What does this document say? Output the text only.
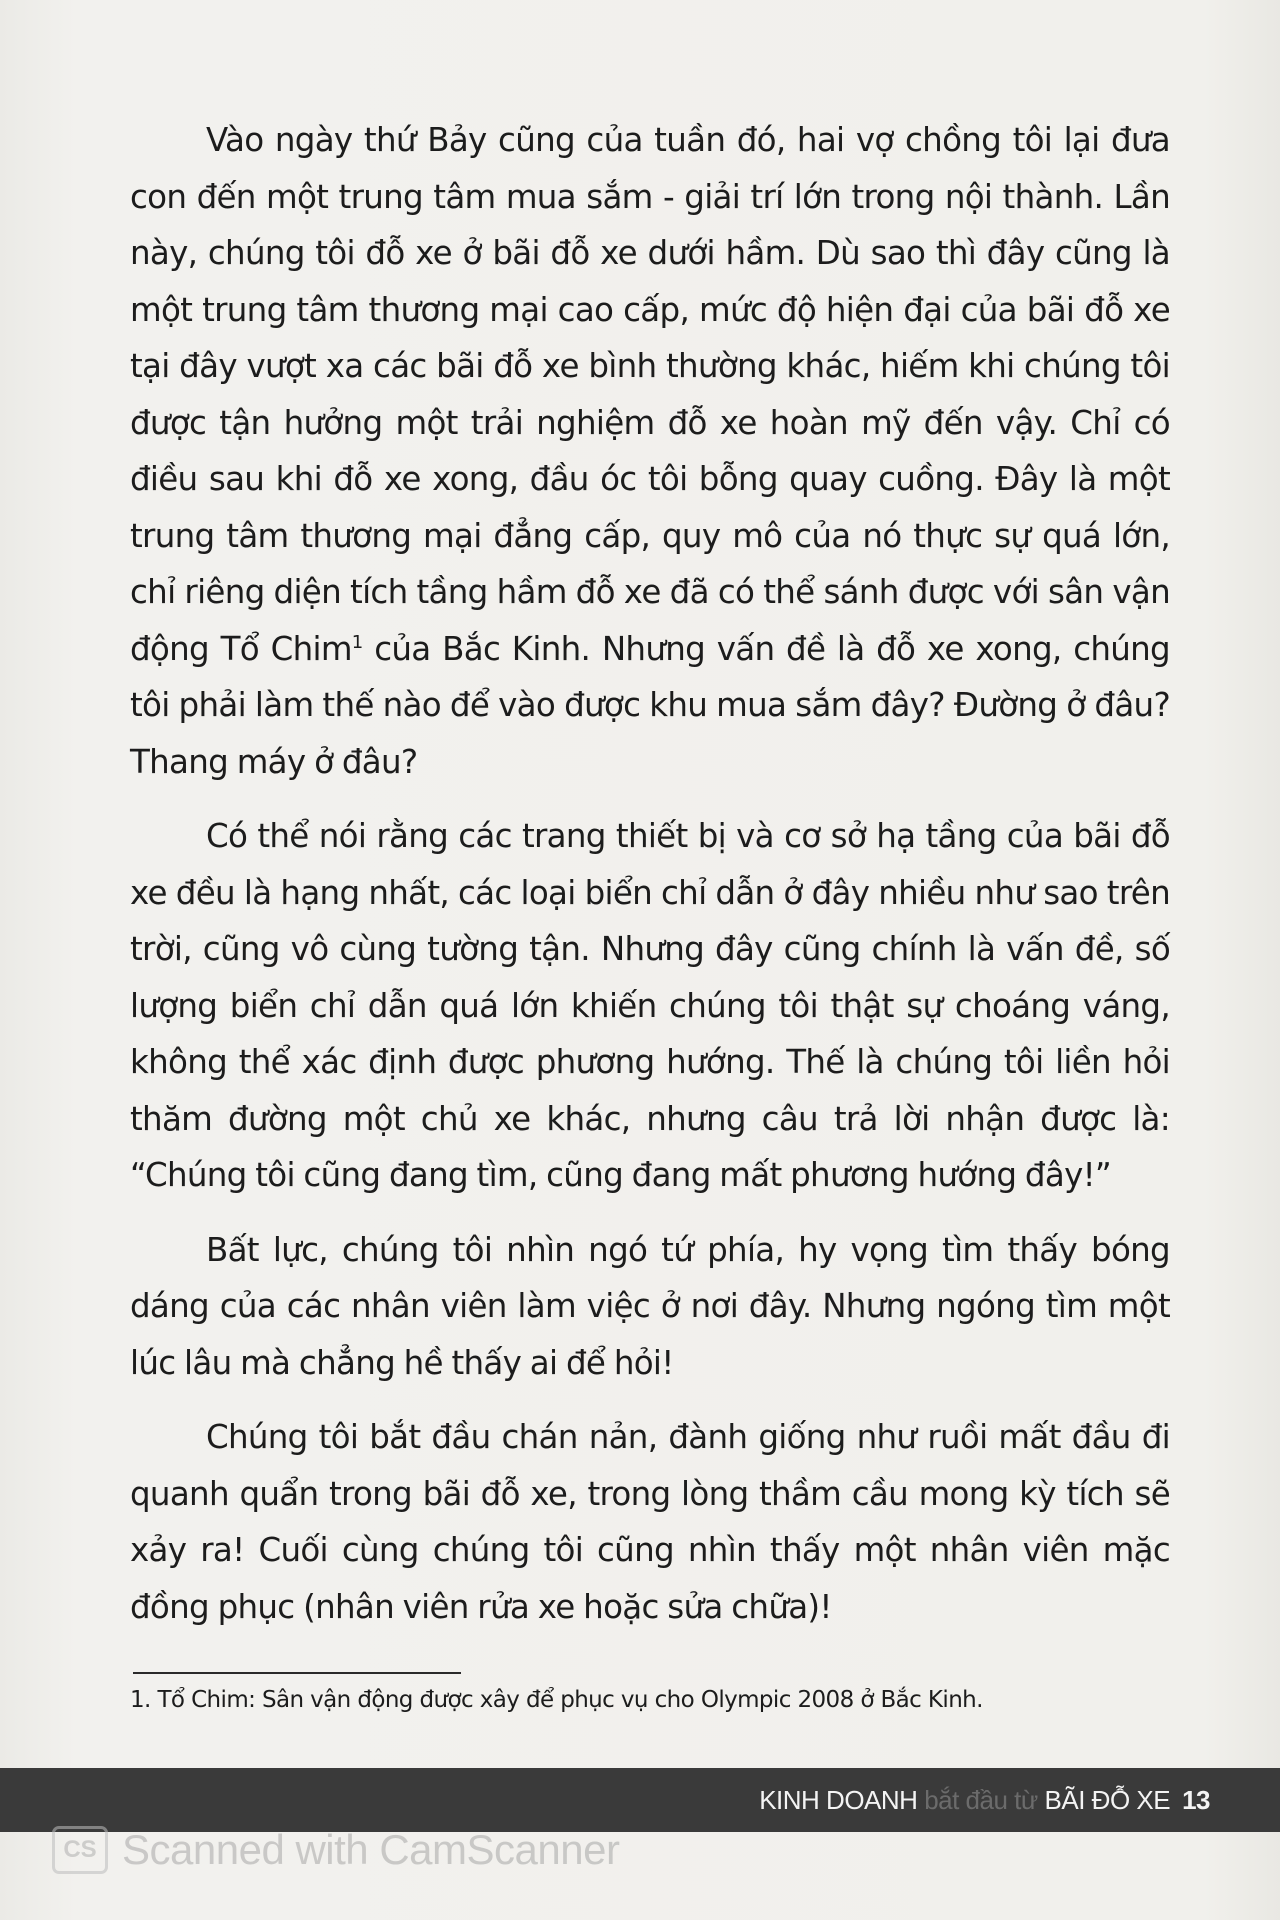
Vào ngày thứ Bảy cũng của tuần đó, hai vợ chồng tôi lại đưa con đến một trung tâm mua sắm - giải trí lớn trong nội thành. Lần này, chúng tôi đỗ xe ở bãi đỗ xe dưới hầm. Dù sao thì đây cũng là một trung tâm thương mại cao cấp, mức độ hiện đại của bãi đỗ xe tại đây vượt xa các bãi đỗ xe bình thường khác, hiếm khi chúng tôi được tận hưởng một trải nghiệm đỗ xe hoàn mỹ đến vậy. Chỉ có điều sau khi đỗ xe xong, đầu óc tôi bỗng quay cuồng. Đây là một trung tâm thương mại đẳng cấp, quy mô của nó thực sự quá lớn, chỉ riêng diện tích tầng hầm đỗ xe đã có thể sánh được với sân vận động Tổ Chim$^1$ của Bắc Kinh. Nhưng vấn đề là đỗ xe xong, chúng tôi phải làm thế nào để vào được khu mua sắm đây? Đường ở đâu? Thang máy ở đâu?

Có thể nói rằng các trang thiết bị và cơ sở hạ tầng của bãi đỗ xe đều là hạng nhất, các loại biển chỉ dẫn ở đây nhiều như sao trên trời, cũng vô cùng tường tận. Nhưng đây cũng chính là vấn đề, số lượng biển chỉ dẫn quá lớn khiến chúng tôi thật sự choáng váng, không thể xác định được phương hướng. Thế là chúng tôi liền hỏi thăm đường một chủ xe khác, nhưng câu trả lời nhận được là: “Chúng tôi cũng đang tìm, cũng đang mất phương hướng đây!”

Bất lực, chúng tôi nhìn ngó tứ phía, hy vọng tìm thấy bóng dáng của các nhân viên làm việc ở nơi đây. Nhưng ngóng tìm một lúc lâu mà chẳng hề thấy ai để hỏi!

Chúng tôi bắt đầu chán nản, đành giống như ruồi mất đầu đi quanh quẩn trong bãi đỗ xe, trong lòng thầm cầu mong kỳ tích sẽ xảy ra! Cuối cùng chúng tôi cũng nhìn thấy một nhân viên mặc đồng phục (nhân viên rửa xe hoặc sửa chữa)!

1. Tổ Chim: Sân vận động được xây để phục vụ cho Olympic 2008 ở Bắc Kinh.
KINH DOANH bắt đầu từ BÃI ĐỖ XE 13
CS Scanned with CamScanner
